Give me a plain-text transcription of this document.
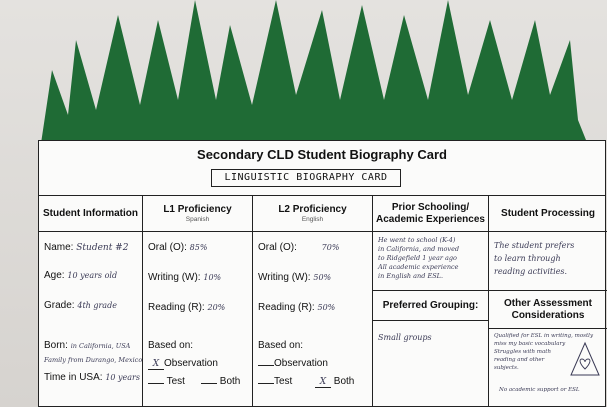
Secondary CLD Student Biography Card
LINGUISTIC BIOGRAPHY CARD
Student Information
Name: Student #2
Age: 10 years old
Grade: 4th grade
Born: in California, USA
Family from Durango, Mexico
Time in USA: 10 years
L1 Proficiency
Spanish
Oral (O): 85%
Writing (W): 10%
Reading (R): 20%
Based on:
X Observation
Test	Both
L2 Proficiency
English
Oral (O):	70%
Writing (W): 50%
Reading (R): 50%
Based on:
Observation
Test	X Both
Prior Schooling/
Academic Experiences
He went to school (K-4)
in California, and moved
to Ridgefield 1 year ago
All academic experience
in English and ESL.
Preferred Grouping:
Small groups
Student Processing
The student prefers
to learn through
reading activities.
Other Assessment
Considerations
Qualified for ESL in writing, mostly
miss my basic vocabulary
Struggles with math
reading and other
subjects.
No academic support or ESL
